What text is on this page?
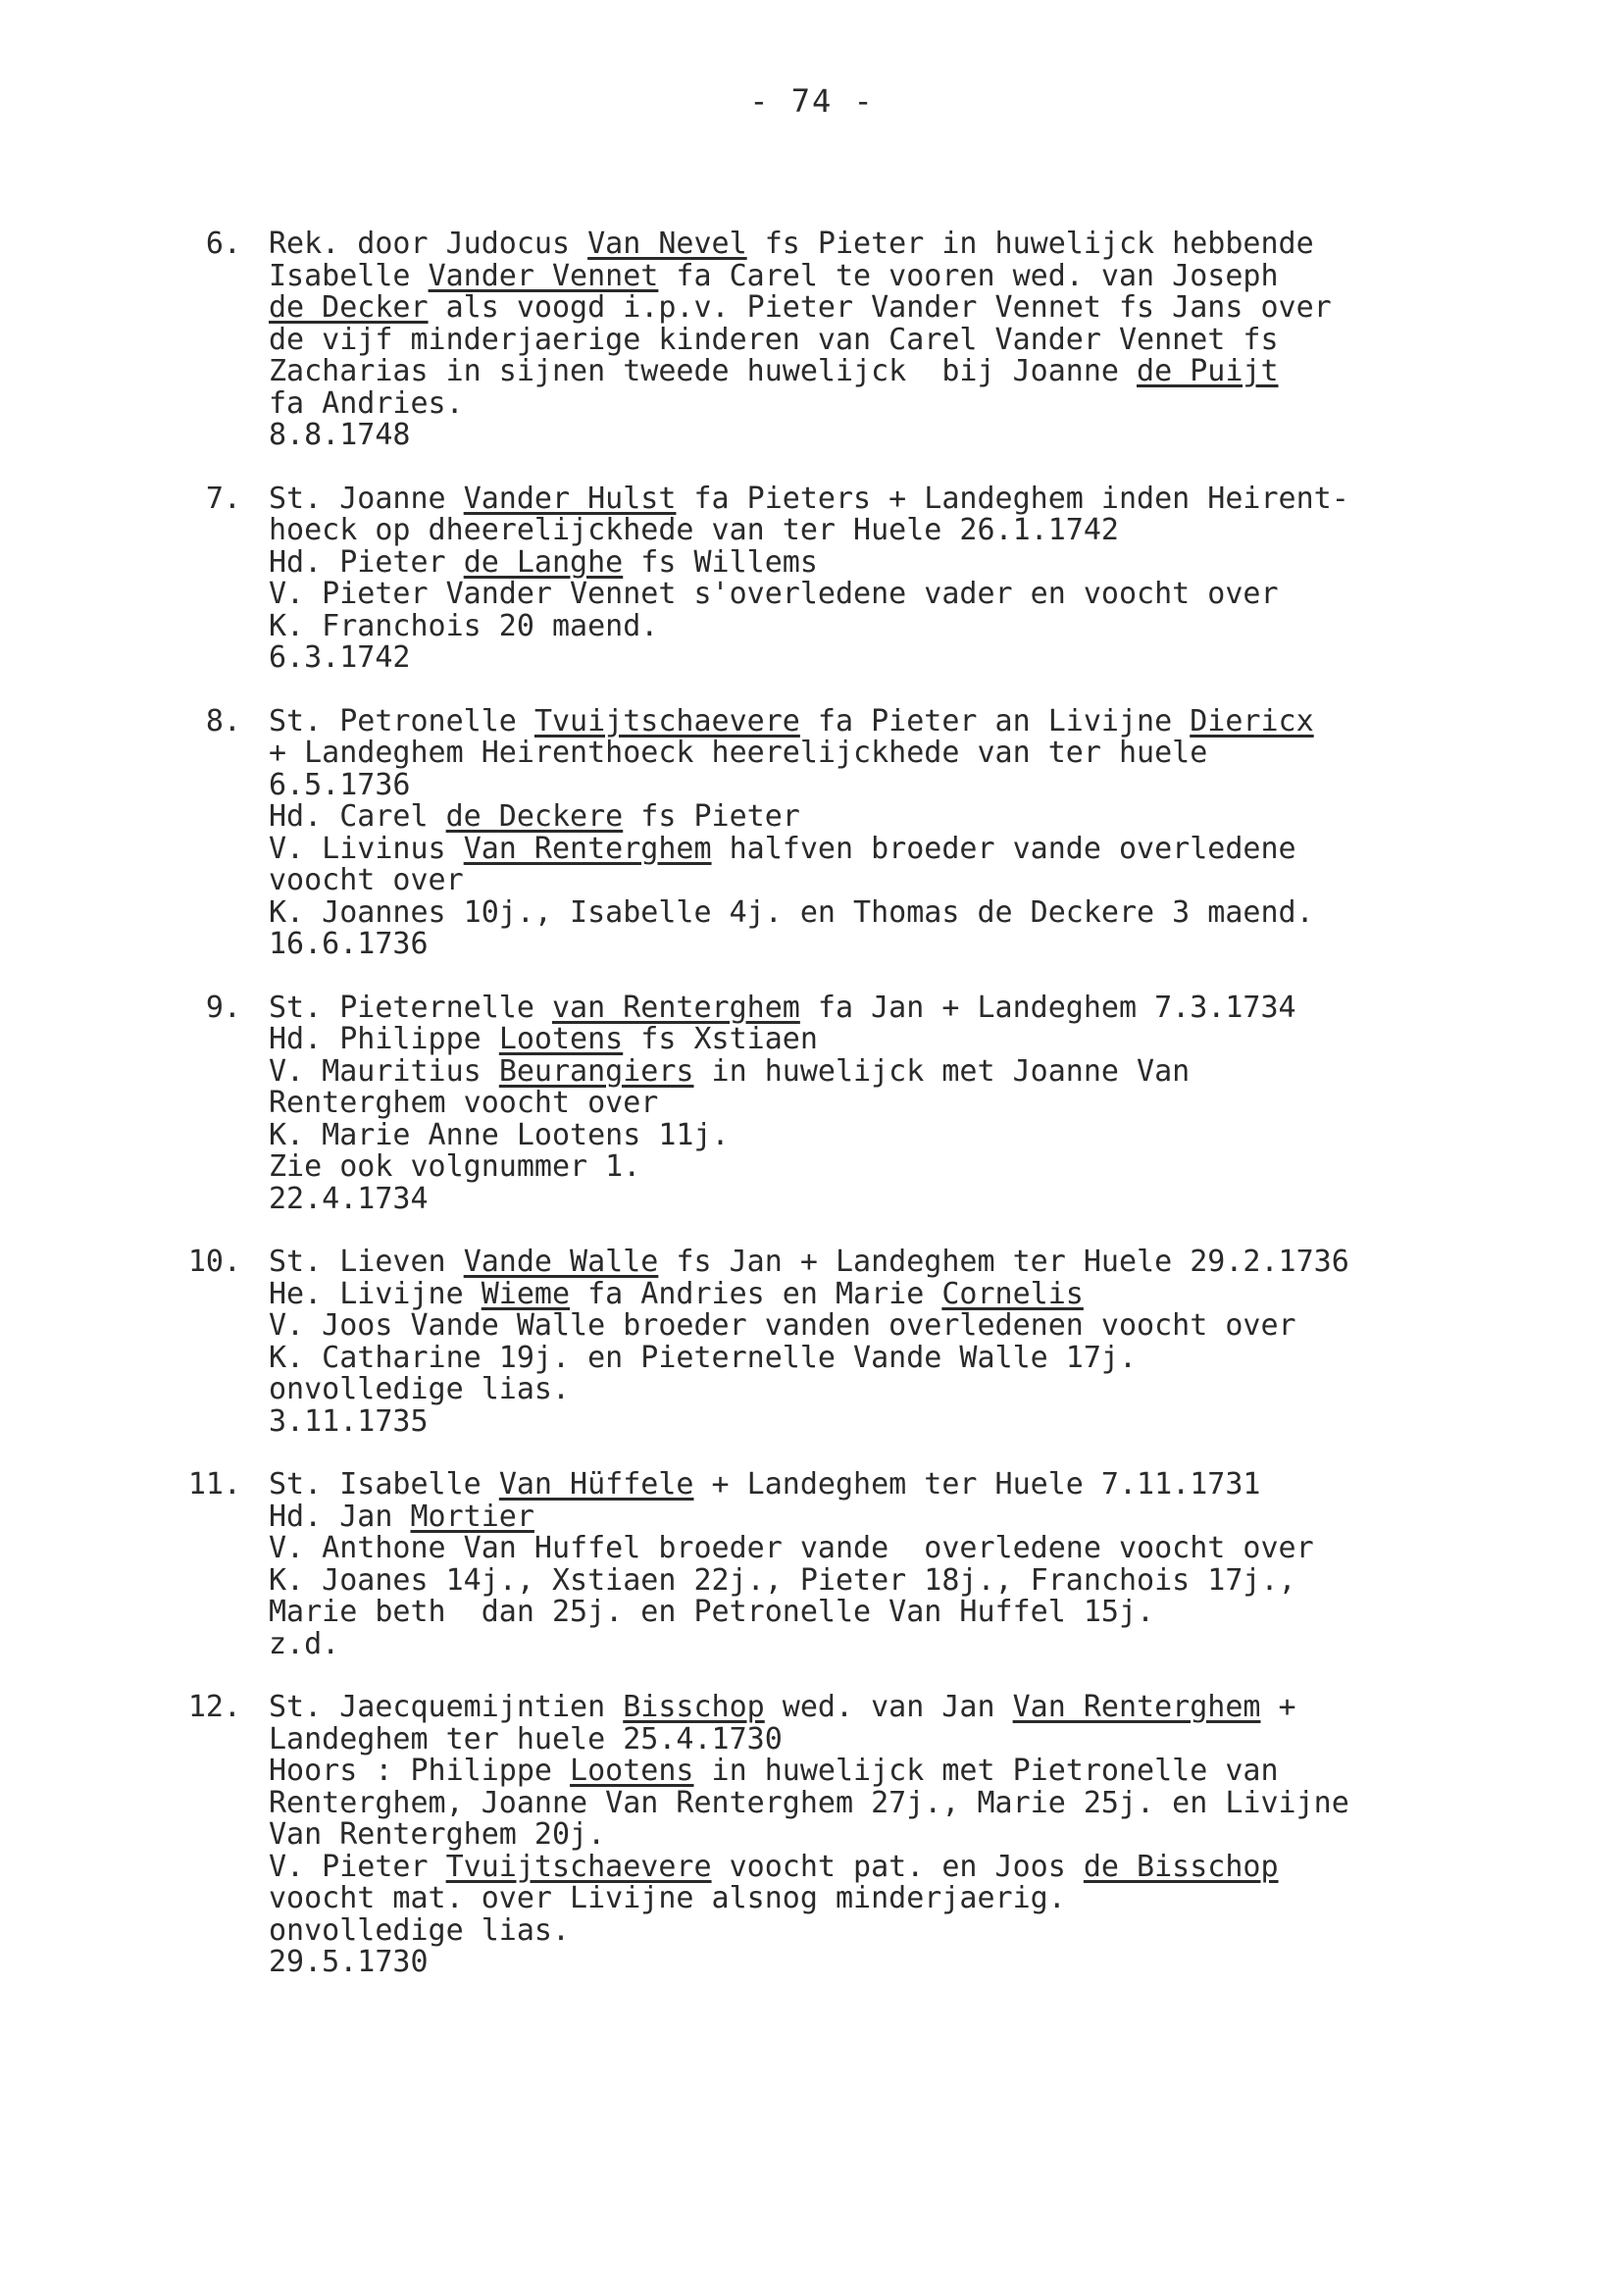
- 74 -
6. Rek. door Judocus Van Nevel fs Pieter in huwelijck hebbende
Isabelle Vander Vennet fa Carel te vooren wed. van Joseph
de Decker als voogd i.p.v. Pieter Vander Vennet fs Jans over
de vijf minderjaerige kinderen van Carel Vander Vennet fs
Zacharias in sijnen tweede huwelijck  bij Joanne de Puijt
fa Andries.
8.8.1748
7. St. Joanne Vander Hulst fa Pieters + Landeghem inden Heirent-
hoeck op dheerelijckhede van ter Huele 26.1.1742
Hd. Pieter de Langhe fs Willems
V. Pieter Vander Vennet s'overledene vader en voocht over
K. Franchois 20 maend.
6.3.1742
8. St. Petronelle Tvuijtschaevere fa Pieter an Livijne Diericx
+ Landeghem Heirenthoeck heerelijckhede van ter huele
6.5.1736
Hd. Carel de Deckere fs Pieter
V. Livinus Van Renterghem halfven broeder vande overledene
voocht over
K. Joannes 10j., Isabelle 4j. en Thomas de Deckere 3 maend.
16.6.1736
9. St. Pieternelle van Renterghem fa Jan + Landeghem 7.3.1734
Hd. Philippe Lootens fs Xstiaen
V. Mauritius Beurangiers in huwelijck met Joanne Van
Renterghem voocht over
K. Marie Anne Lootens 11j.
Zie ook volgnummer 1.
22.4.1734
10. St. Lieven Vande Walle fs Jan + Landeghem ter Huele 29.2.1736
He. Livijne Wieme fa Andries en Marie Cornelis
V. Joos Vande Walle broeder vanden overledenen voocht over
K. Catharine 19j. en Pieternelle Vande Walle 17j.
onvolledige lias.
3.11.1735
11. St. Isabelle Van Hüffele + Landeghem ter Huele 7.11.1731
Hd. Jan Mortier
V. Anthone Van Huffel broeder vande  overledene voocht over
K. Joanes 14j., Xstiaen 22j., Pieter 18j., Franchois 17j.,
Marie beth  dan 25j. en Petronelle Van Huffel 15j.
z.d.
12. St. Jaecquemijntien Bisschop wed. van Jan Van Renterghem +
Landeghem ter huele 25.4.1730
Hoors : Philippe Lootens in huwelijck met Pietronelle van
Renterghem, Joanne Van Renterghem 27j., Marie 25j. en Livijne
Van Renterghem 20j.
V. Pieter Tvuijtschaevere voocht pat. en Joos de Bisschop
voocht mat. over Livijne alsnog minderjaerig.
onvolledige lias.
29.5.1730
